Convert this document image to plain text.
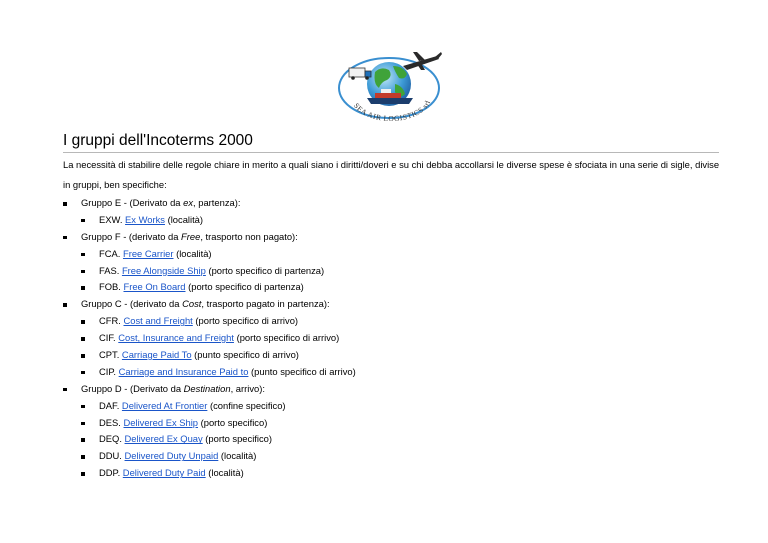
SEA AIR LOGISTICS srl
I gruppi dell'Incoterms 2000

La necessità di stabilire delle regole chiare in merito a quali siano i diritti/doveri e su chi debba accollarsi le diverse spese è sfociata in una serie di sigle, divise in gruppi, ben specifiche:

Gruppo E - (Derivato da ex, partenza):
EXW. Ex Works (località)
Gruppo F - (derivato da Free, trasporto non pagato):
FCA. Free Carrier (località)
FAS. Free Alongside Ship (porto specifico di partenza)
FOB. Free On Board (porto specifico di partenza)
Gruppo C - (derivato da Cost, trasporto pagato in partenza):
CFR. Cost and Freight (porto specifico di arrivo)
CIF. Cost, Insurance and Freight (porto specifico di arrivo)
CPT. Carriage Paid To (punto specifico di arrivo)
CIP. Carriage and Insurance Paid to (punto specifico di arrivo)
Gruppo D - (Derivato da Destination, arrivo):
DAF. Delivered At Frontier (confine specifico)
DES. Delivered Ex Ship (porto specifico)
DEQ. Delivered Ex Quay (porto specifico)
DDU. Delivered Duty Unpaid (località)
DDP. Delivered Duty Paid (località)
